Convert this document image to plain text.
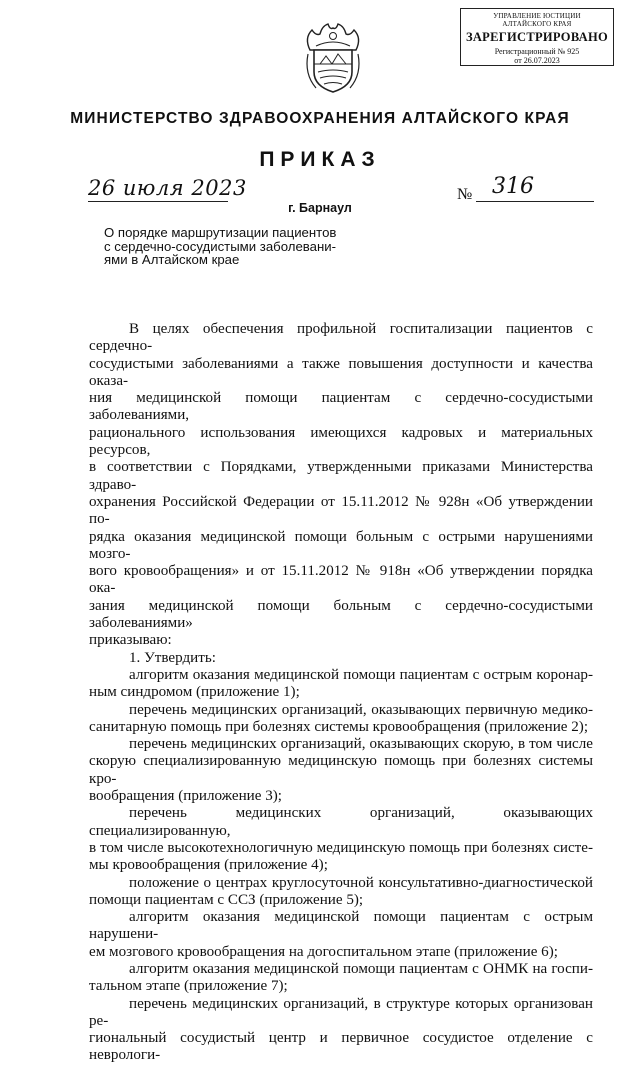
УПРАВЛЕНИЕ ЮСТИЦИИ
АЛТАЙСКОГО КРАЯ
ЗАРЕГИСТРИРОВАНО
Регистрационный № 925
от 26.07.2023
МИНИСТЕРСТВО ЗДРАВООХРАНЕНИЯ АЛТАЙСКОГО КРАЯ
ПРИКАЗ
26 июля 2023	№ 316
г. Барнаул
О порядке маршрутизации пациентов
с сердечно-сосудистыми заболевани-
ями в Алтайском крае

В целях обеспечения профильной госпитализации пациентов с сердечно-

сосудистыми заболеваниями а также повышения доступности и качества оказа-

ния медицинской помощи пациентам с сердечно-сосудистыми заболеваниями,

рационального использования имеющихся кадровых и материальных ресурсов,

в соответствии с Порядками, утвержденными приказами Министерства здраво-

охранения Российской Федерации от 15.11.2012 № 928н «Об утверждении по-

рядка оказания медицинской помощи больным с острыми нарушениями мозго-

вого кровообращения» и от 15.11.2012 № 918н «Об утверждении порядка ока-

зания медицинской помощи больным с сердечно-сосудистыми заболеваниями»

приказываю:

1. Утвердить:

алгоритм оказания медицинской помощи пациентам с острым коронар-

ным синдромом (приложение 1);

перечень медицинских организаций, оказывающих первичную медико-

санитарную помощь при болезнях системы кровообращения (приложение 2);

перечень медицинских организаций, оказывающих скорую, в том числе

скорую специализированную медицинскую помощь при болезнях системы кро-

вообращения (приложение 3);

перечень медицинских организаций, оказывающих специализированную,

в том числе высокотехнологичную медицинскую помощь при болезнях систе-

мы кровообращения (приложение 4);

положение о центрах круглосуточной консультативно-диагностической

помощи пациентам с ССЗ (приложение 5);

алгоритм оказания медицинской помощи пациентам с острым нарушени-

ем мозгового кровообращения на догоспитальном этапе (приложение 6);

алгоритм оказания медицинской помощи пациентам с ОНМК на госпи-

тальном этапе (приложение 7);

перечень медицинских организаций, в структуре которых организован ре-

гиональный сосудистый центр и первичное сосудистое отделение с неврологи-
